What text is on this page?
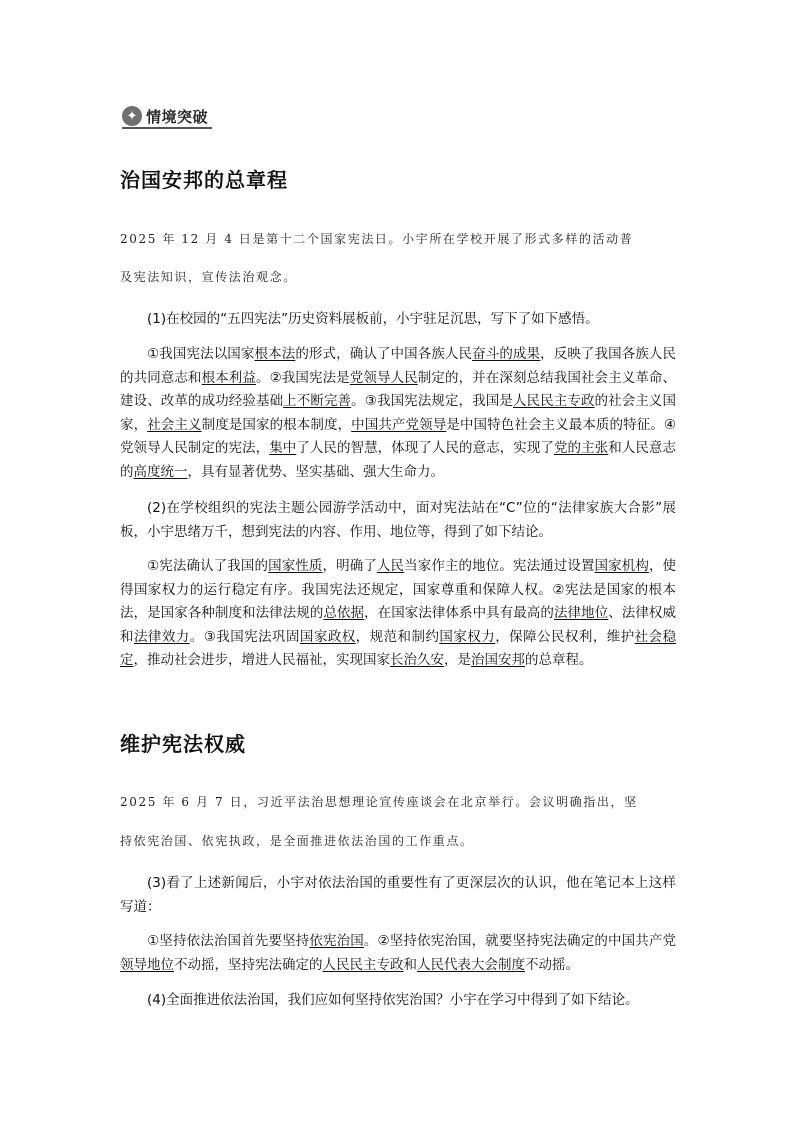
✦ 情境突破
治国安邦的总章程
2025 年 12 月 4 日是第十二个国家宪法日。小宇所在学校开展了形式多样的活动普
及宪法知识，宣传法治观念。
(1)在校园的“五四宪法”历史资料展板前，小宇驻足沉思，写下了如下感悟。
①我国宪法以国家根本法的形式，确认了中国各族人民奋斗的成果，反映了我国各族人民的共同意志和根本利益。②我国宪法是党领导人民制定的，并在深刻总结我国社会主义革命、建设、改革的成功经验基础上不断完善。③我国宪法规定，我国是人民民主专政的社会主义国家，社会主义制度是国家的根本制度，中国共产党领导是中国特色社会主义最本质的特征。④党领导人民制定的宪法，集中了人民的智慧，体现了人民的意志，实现了党的主张和人民意志的高度统一，具有显著优势、坚实基础、强大生命力。
(2)在学校组织的宪法主题公园游学活动中，面对宪法站在“C”位的“法律家族大合影”展板，小宇思绪万千，想到宪法的内容、作用、地位等，得到了如下结论。
①宪法确认了我国的国家性质，明确了人民当家作主的地位。宪法通过设置国家机构，使得国家权力的运行稳定有序。我国宪法还规定，国家尊重和保障人权。②宪法是国家的根本法，是国家各种制度和法律法规的总依据，在国家法律体系中具有最高的法律地位、法律权威和法律效力。③我国宪法巩固国家政权，规范和制约国家权力，保障公民权利，维护社会稳定，推动社会进步，增进人民福祉，实现国家长治久安，是治国安邦的总章程。
维护宪法权威
2025 年 6 月 7 日，习近平法治思想理论宣传座谈会在北京举行。会议明确指出，坚
持依宪治国、依宪执政，是全面推进依法治国的工作重点。
(3)看了上述新闻后，小宇对依法治国的重要性有了更深层次的认识，他在笔记本上这样写道：
①坚持依法治国首先要坚持依宪治国。②坚持依宪治国，就要坚持宪法确定的中国共产党领导地位不动摇，坚持宪法确定的人民民主专政和人民代表大会制度不动摇。
(4)全面推进依法治国，我们应如何坚持依宪治国？小宇在学习中得到了如下结论。
